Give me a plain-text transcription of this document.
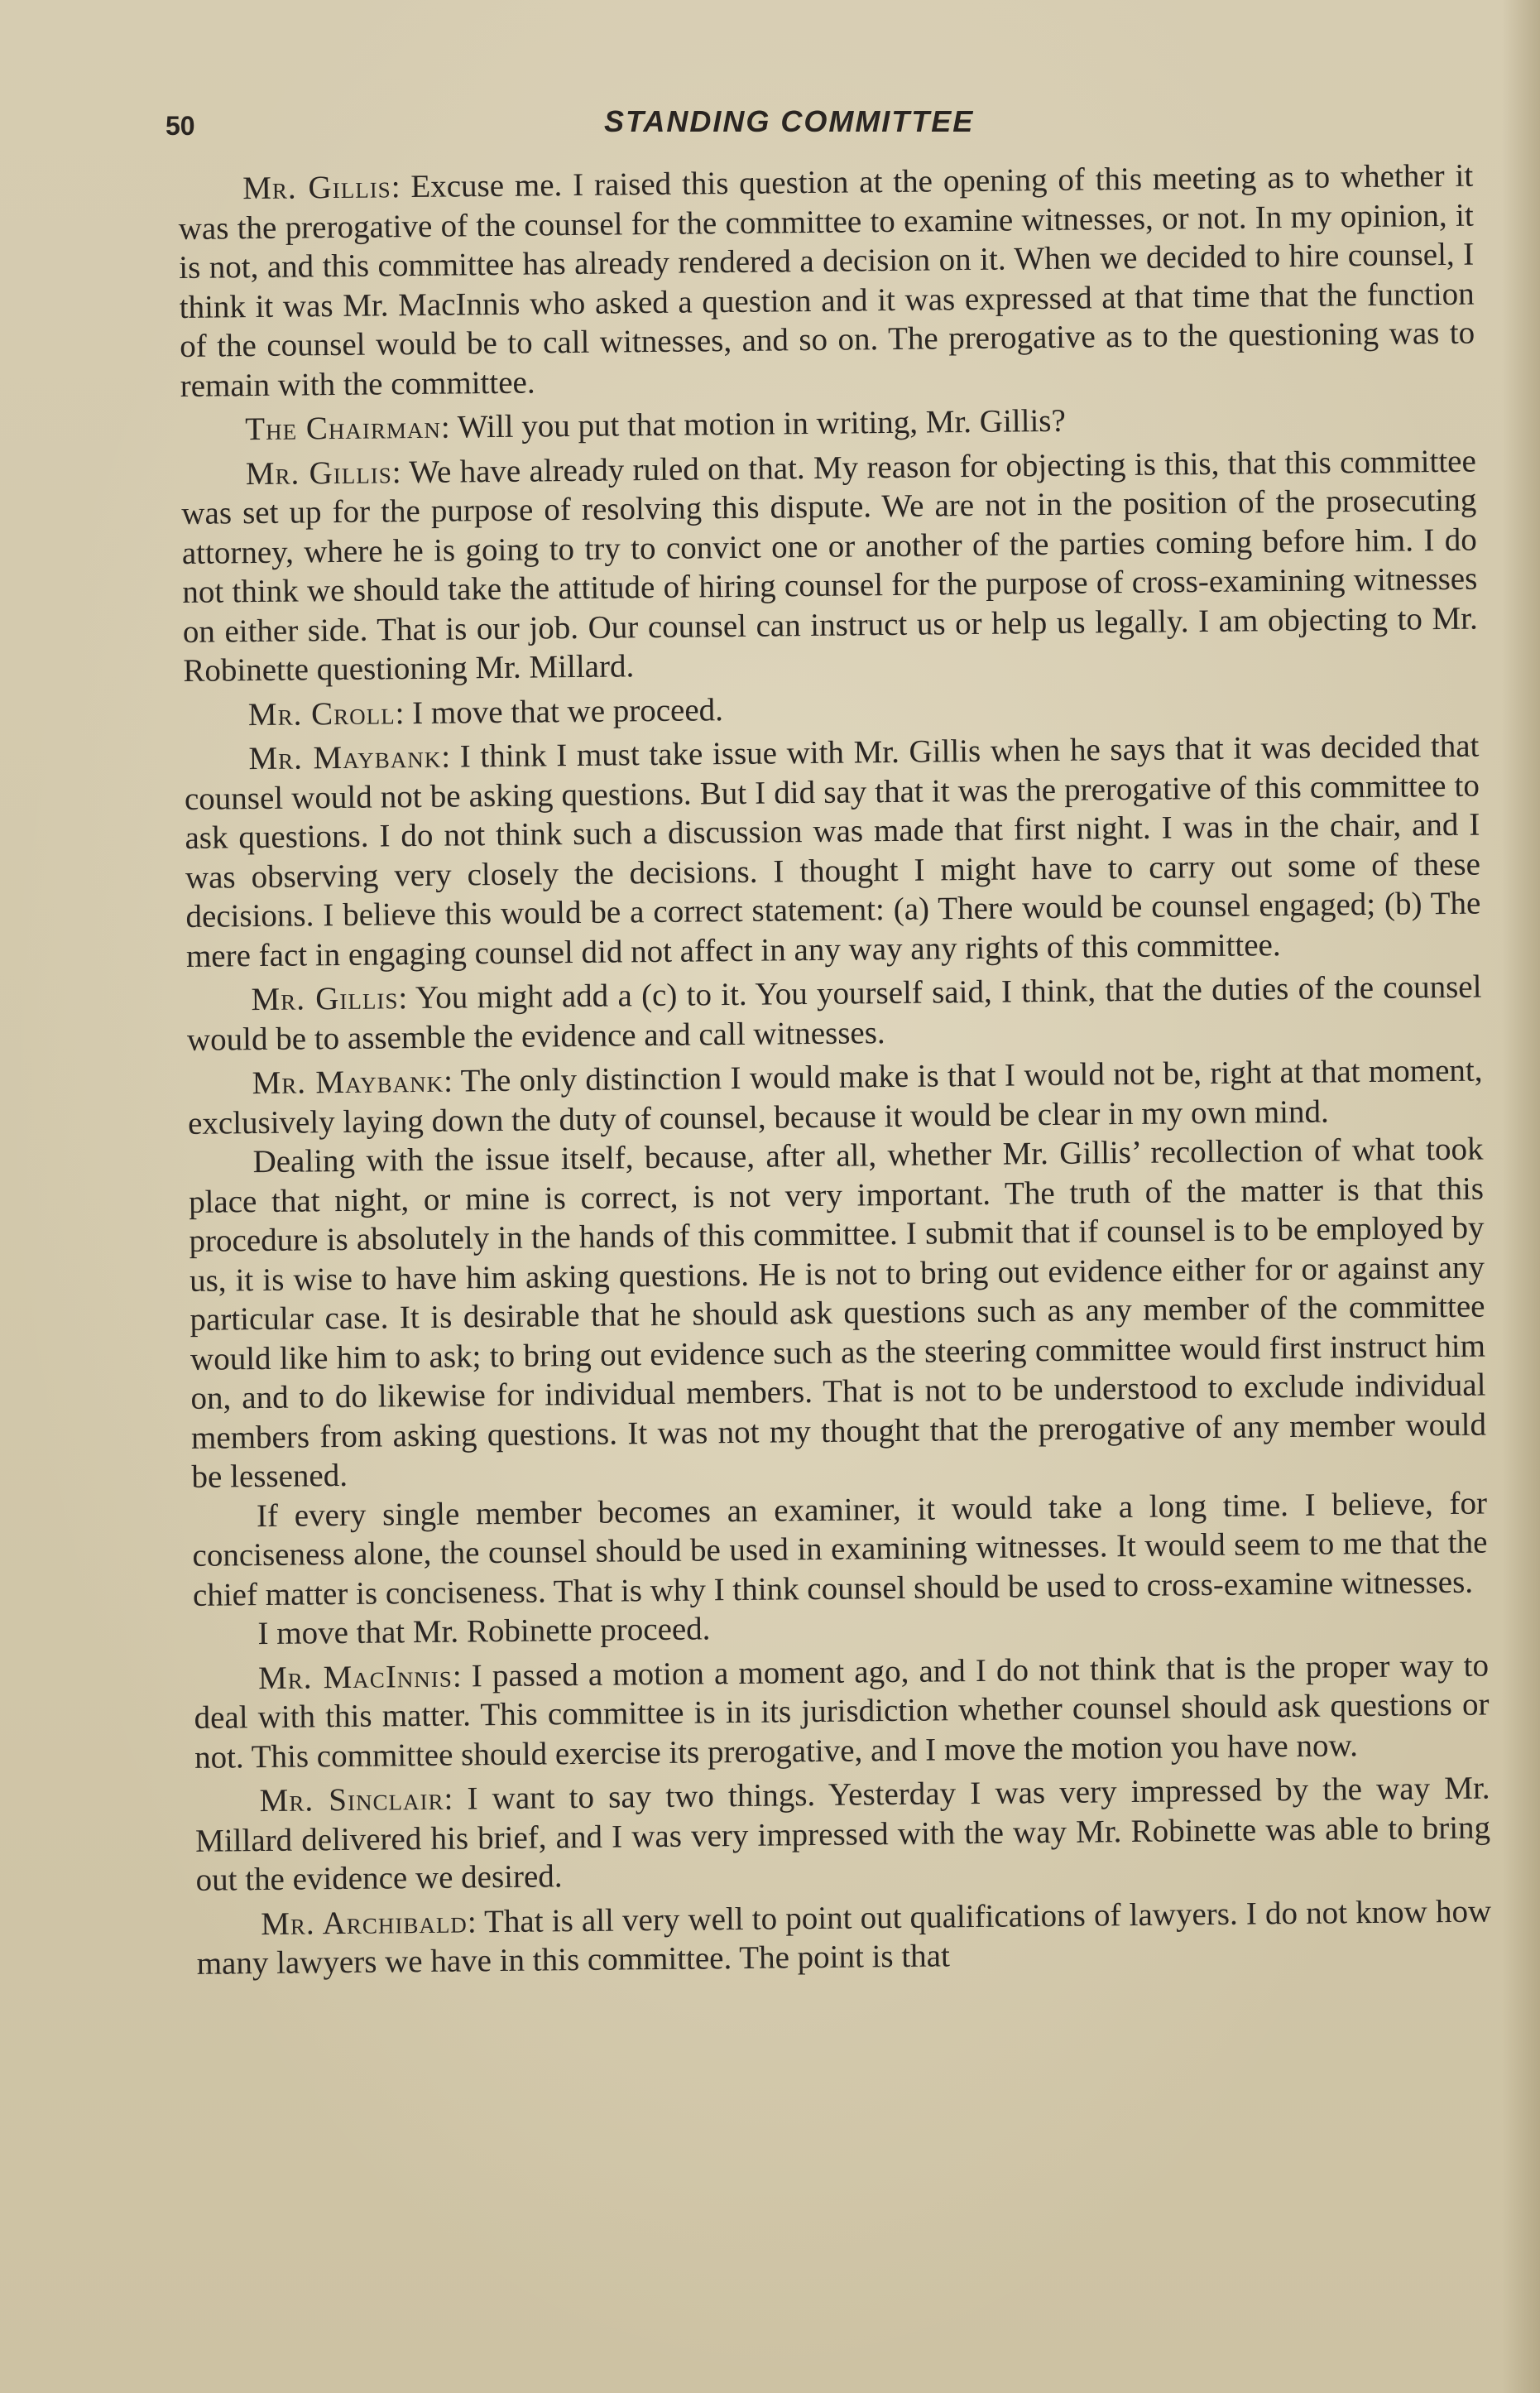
50	STANDING COMMITTEE

Mr. Gillis: Excuse me. I raised this question at the opening of this meeting as to whether it was the prerogative of the counsel for the committee to examine witnesses, or not. In my opinion, it is not, and this committee has already rendered a decision on it. When we decided to hire counsel, I think it was Mr. MacInnis who asked a question and it was expressed at that time that the function of the counsel would be to call witnesses, and so on. The prerogative as to the questioning was to remain with the committee.

The Chairman: Will you put that motion in writing, Mr. Gillis?

Mr. Gillis: We have already ruled on that. My reason for objecting is this, that this committee was set up for the purpose of resolving this dispute. We are not in the position of the prosecuting attorney, where he is going to try to convict one or another of the parties coming before him. I do not think we should take the attitude of hiring counsel for the purpose of cross-examining witnesses on either side. That is our job. Our counsel can instruct us or help us legally. I am objecting to Mr. Robinette questioning Mr. Millard.

Mr. Croll: I move that we proceed.

Mr. Maybank: I think I must take issue with Mr. Gillis when he says that it was decided that counsel would not be asking questions. But I did say that it was the prerogative of this committee to ask questions. I do not think such a discussion was made that first night. I was in the chair, and I was observing very closely the decisions. I thought I might have to carry out some of these decisions. I believe this would be a correct statement: (a) There would be counsel engaged; (b) The mere fact in engaging counsel did not affect in any way any rights of this committee.

Mr. Gillis: You might add a (c) to it. You yourself said, I think, that the duties of the counsel would be to assemble the evidence and call witnesses.

Mr. Maybank: The only distinction I would make is that I would not be, right at that moment, exclusively laying down the duty of counsel, because it would be clear in my own mind.

Dealing with the issue itself, because, after all, whether Mr. Gillis’ recollection of what took place that night, or mine is correct, is not very important. The truth of the matter is that this procedure is absolutely in the hands of this committee. I submit that if counsel is to be employed by us, it is wise to have him asking questions. He is not to bring out evidence either for or against any particular case. It is desirable that he should ask questions such as any member of the committee would like him to ask; to bring out evidence such as the steering committee would first instruct him on, and to do likewise for individual members. That is not to be understood to exclude individual members from asking questions. It was not my thought that the prerogative of any member would be lessened.

If every single member becomes an examiner, it would take a long time. I believe, for conciseness alone, the counsel should be used in examining witnesses. It would seem to me that the chief matter is conciseness. That is why I think counsel should be used to cross-examine witnesses.

I move that Mr. Robinette proceed.

Mr. MacInnis: I passed a motion a moment ago, and I do not think that is the proper way to deal with this matter. This committee is in its jurisdiction whether counsel should ask questions or not. This committee should exercise its prerogative, and I move the motion you have now.

Mr. Sinclair: I want to say two things. Yesterday I was very impressed by the way Mr. Millard delivered his brief, and I was very impressed with the way Mr. Robinette was able to bring out the evidence we desired.

Mr. Archibald: That is all very well to point out qualifications of lawyers. I do not know how many lawyers we have in this committee. The point is that
